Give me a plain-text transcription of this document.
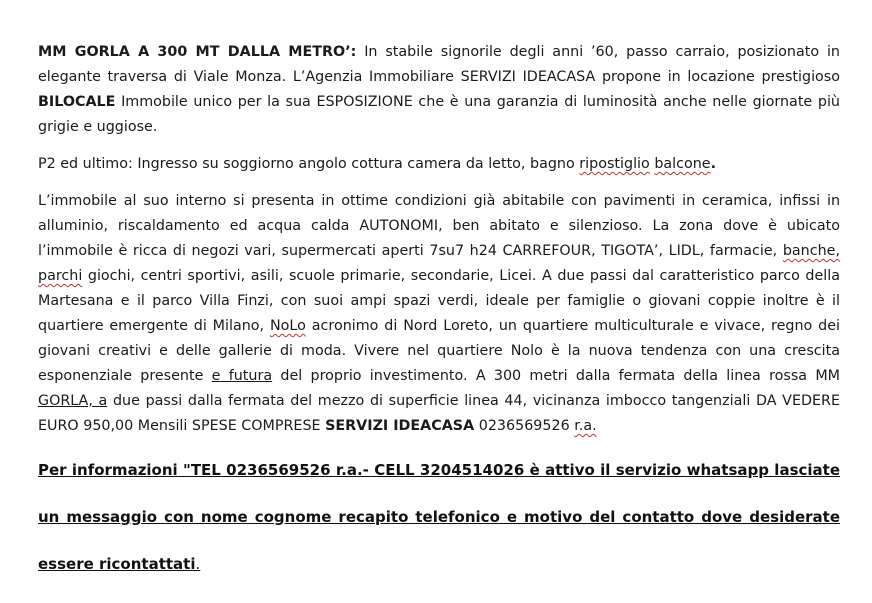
MM GORLA A 300 MT DALLA METRO’: In stabile signorile degli anni ’60, passo carraio, posizionato in elegante traversa di Viale Monza. L’Agenzia Immobiliare SERVIZI IDEACASA propone in locazione prestigioso BILOCALE Immobile unico per la sua ESPOSIZIONE che è una garanzia di luminosità anche nelle giornate più grigie e uggiose.

P2 ed ultimo: Ingresso su soggiorno angolo cottura camera da letto, bagno ripostiglio balcone.

L’immobile al suo interno si presenta in ottime condizioni già abitabile con pavimenti in ceramica, infissi in alluminio, riscaldamento ed acqua calda AUTONOMI, ben abitato e silenzioso. La zona dove è ubicato l’immobile è ricca di negozi vari, supermercati aperti 7su7 h24 CARREFOUR, TIGOTA’, LIDL, farmacie, banche, parchi giochi, centri sportivi, asili, scuole primarie, secondarie, Licei. A due passi dal caratteristico parco della Martesana e il parco Villa Finzi, con suoi ampi spazi verdi, ideale per famiglie o giovani coppie inoltre è il quartiere emergente di Milano, NoLo acronimo di Nord Loreto, un quartiere multiculturale e vivace, regno dei giovani creativi e delle gallerie di moda. Vivere nel quartiere Nolo è la nuova tendenza con una crescita esponenziale presente e futura del proprio investimento. A 300 metri dalla fermata della linea rossa MM GORLA, a due passi dalla fermata del mezzo di superficie linea 44, vicinanza imbocco tangenziali DA VEDERE EURO 950,00 Mensili SPESE COMPRESE SERVIZI IDEACASA 0236569526 r.a.

Per informazioni "TEL 0236569526 r.a.- CELL 3204514026 è attivo il servizio whatsapp lasciate un messaggio con nome cognome recapito telefonico e motivo del contatto dove desiderate essere ricontattati.
